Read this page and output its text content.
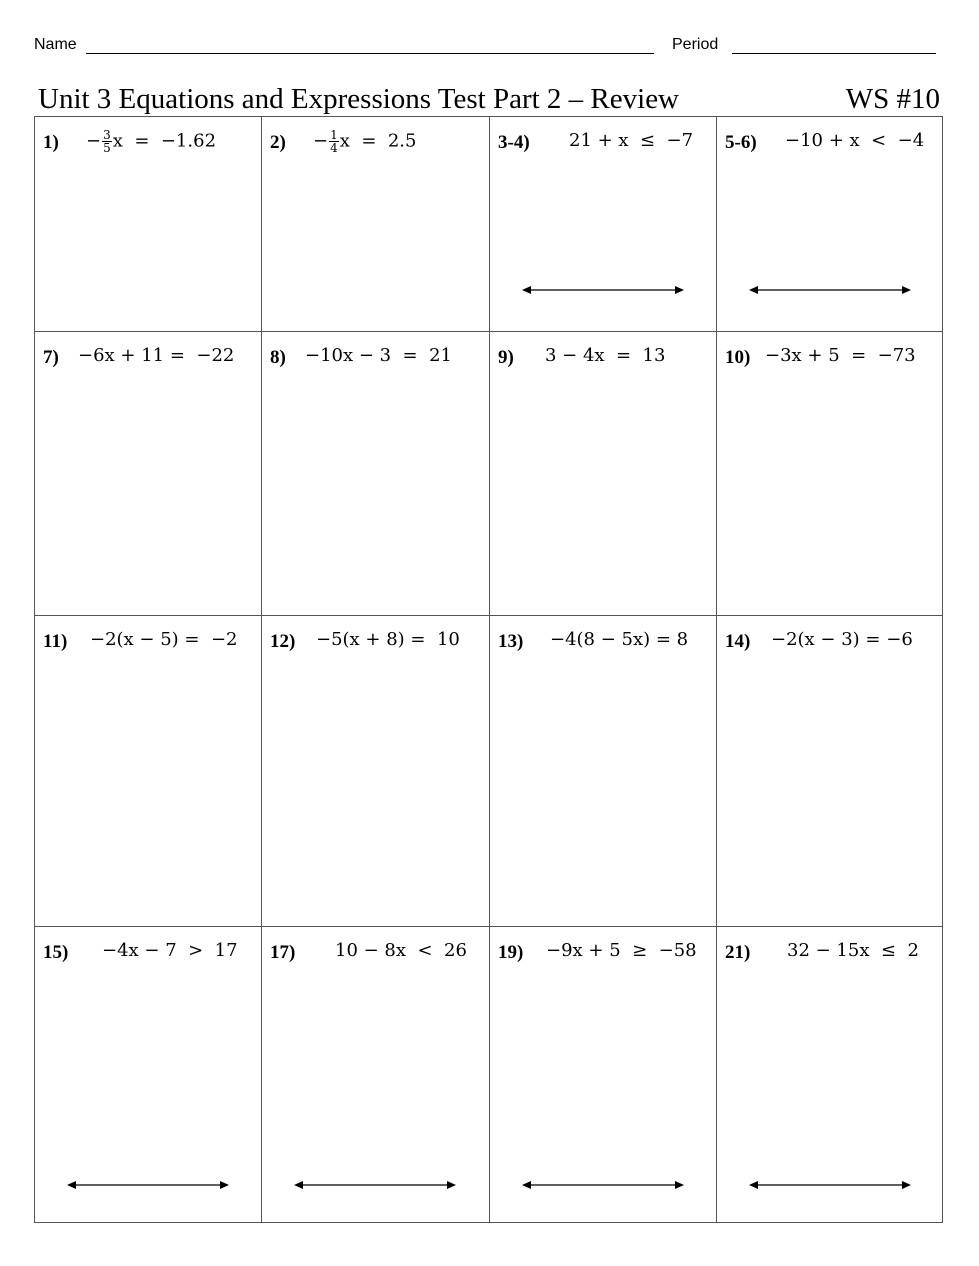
Name	Period
Unit 3 Equations and Expressions Test Part 2 – Review	WS #10
$1) - \frac{3}{5}$ x  =  −1.62	$2) - \frac{1}{4}$ x  =  2.5	3-4) 21 + x  ≤  −7 5-6) −10 + x  <  −4
7) −6x + 11 =  −22 8) −10x − 3  =  21 9) 3 − 4x  =  13	10) −3x + 5  =  −73
11) −2(x − 5) =  −2 12) −5(x + 8) =  10 13) −4(8 − 5x) = 8 14) −2(x − 3) = −6
15) −4x − 7  >  17 17) 10 − 8x  <  26 19) −9x + 5  ≥  −58 21) 32 − 15x  ≤  2
